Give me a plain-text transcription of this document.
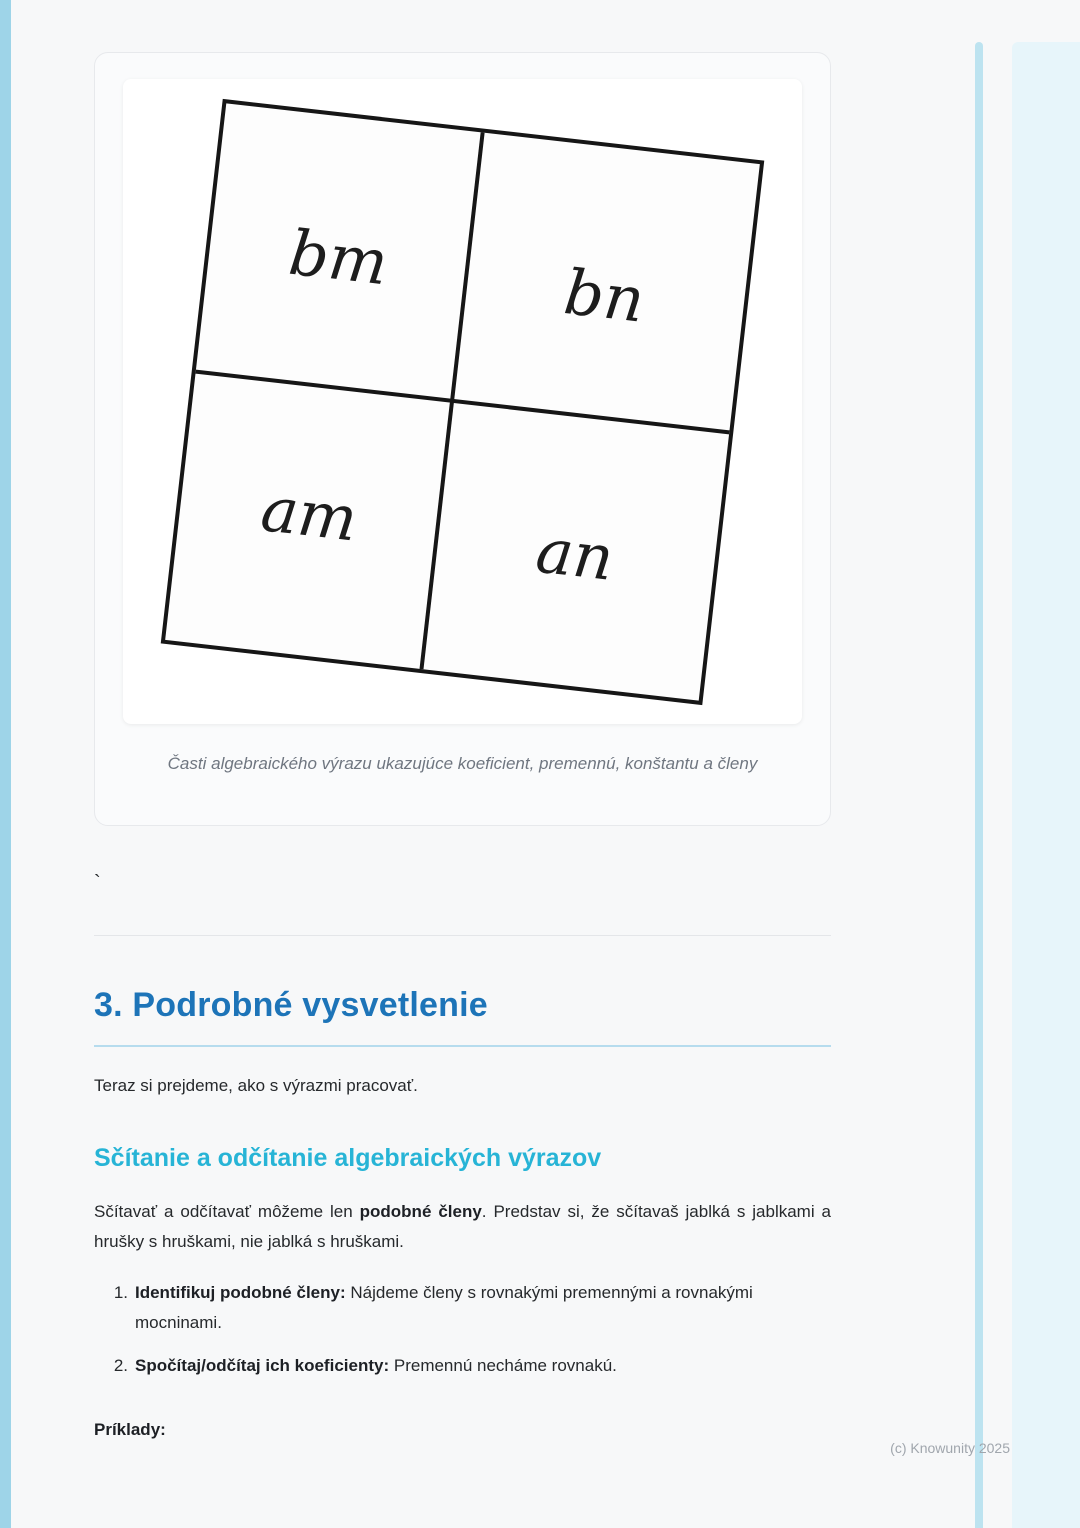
bm	bn
am	an
Časti algebraického výrazu ukazujúce koeficient, premennú, konštantu a členy
`
3. Podrobné vysvetlenie

Teraz si prejdeme, ako s výrazmi pracovať.

Sčítanie a odčítanie algebraických výrazov

Sčítavať a odčítavať môžeme len podobné členy. Predstav si, že sčítavaš jablká s jablkami a hrušky s hruškami, nie jablká s hruškami.

1. Identifikuj podobné členy: Nájdeme členy s rovnakými premennými a rovnakými mocninami.
2. Spočítaj/odčítaj ich koeficienty: Premennú necháme rovnakú.

Príklady:

(c) Knowunity 2025
